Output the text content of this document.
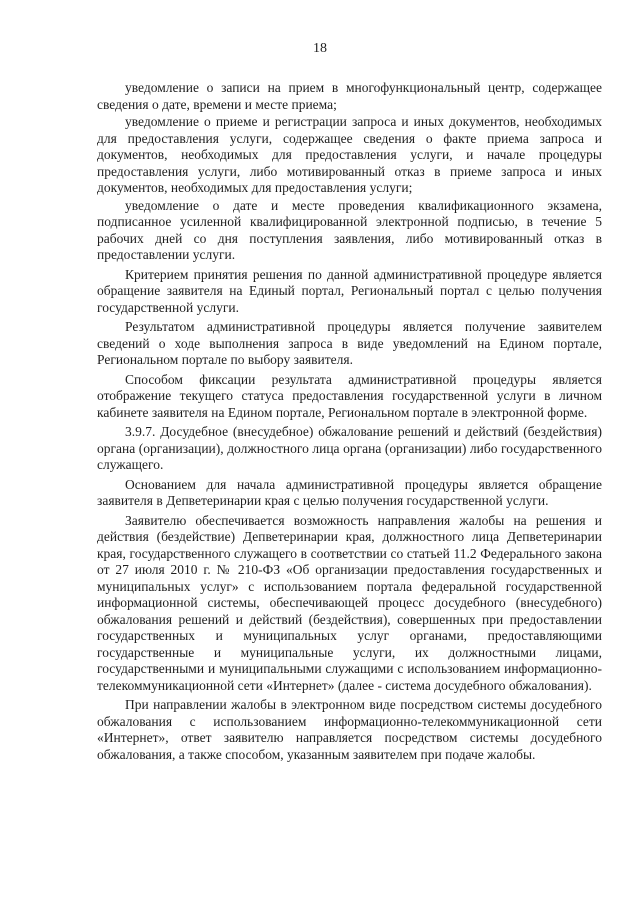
18

уведомление о записи на прием в многофункциональный центр, содержащее сведения о дате, времени и месте приема;

уведомление о приеме и регистрации запроса и иных документов, необходимых для предоставления услуги, содержащее сведения о факте приема запроса и документов, необходимых для предоставления услуги, и начале процедуры предоставления услуги, либо мотивированный отказ в приеме запроса и иных документов, необходимых для предоставления услуги;

уведомление о дате и месте проведения квалификационного экзамена, подписанное усиленной квалифицированной электронной подписью, в течение 5 рабочих дней со дня поступления заявления, либо мотивированный отказ в предоставлении услуги.

Критерием принятия решения по данной административной процедуре является обращение заявителя на Единый портал, Региональный портал с целью получения государственной услуги.

Результатом административной процедуры является получение заявителем сведений о ходе выполнения запроса в виде уведомлений на Едином портале, Региональном портале по выбору заявителя.

Способом фиксации результата административной процедуры является отображение текущего статуса предоставления государственной услуги в личном кабинете заявителя на Едином портале, Региональном портале в электронной форме.

3.9.7. Досудебное (внесудебное) обжалование решений и действий (бездействия) органа (организации), должностного лица органа (организации) либо государственного служащего.

Основанием для начала административной процедуры является обращение заявителя в Депветеринарии края с целью получения государственной услуги.

Заявителю обеспечивается возможность направления жалобы на решения и действия (бездействие) Депветеринарии края, должностного лица Депветеринарии края, государственного служащего в соответствии со статьей 11.2 Федерального закона от 27 июля 2010 г. № 210-ФЗ «Об организации предоставления государственных и муниципальных услуг» с использованием портала федеральной государственной информационной системы, обеспечивающей процесс досудебного (внесудебного) обжалования решений и действий (бездействия), совершенных при предоставлении государственных и муниципальных услуг органами, предоставляющими государственные и муниципальные услуги, их должностными лицами, государственными и муниципальными служащими с использованием информационно-телекоммуникационной сети «Интернет» (далее - система досудебного обжалования).

При направлении жалобы в электронном виде посредством системы досудебного обжалования с использованием информационно-телекоммуникационной сети «Интернет», ответ заявителю направляется посредством системы досудебного обжалования, а также способом, указанным заявителем при подаче жалобы.
